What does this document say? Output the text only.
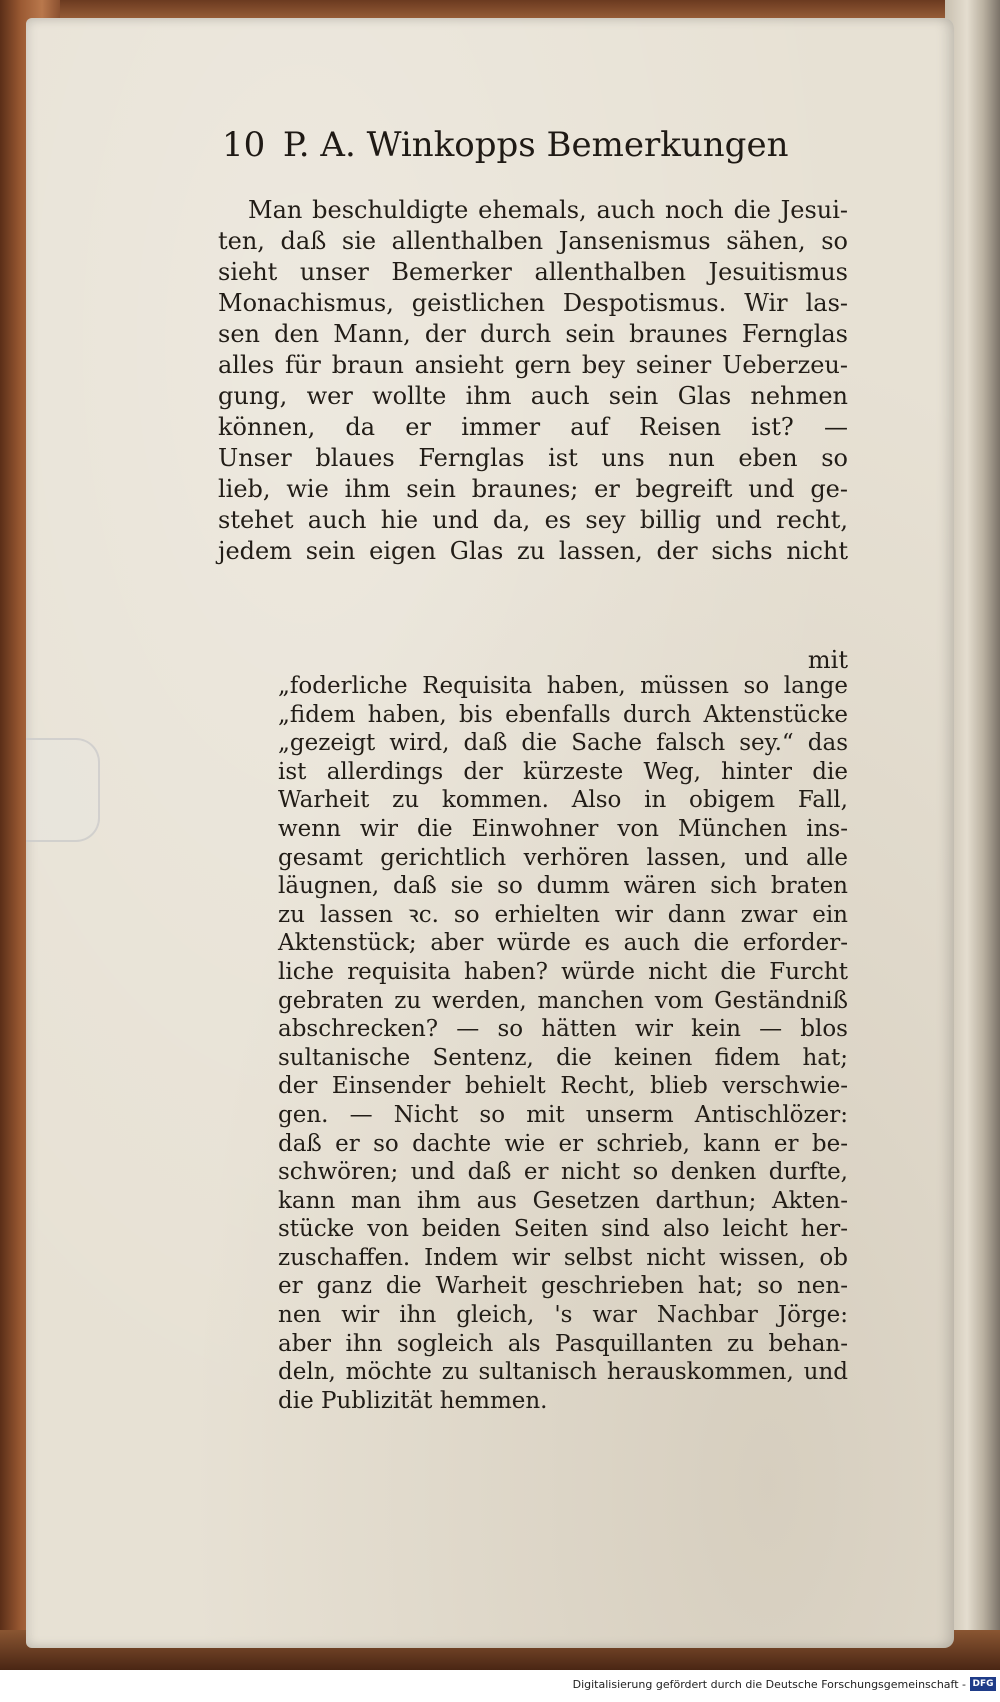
10 P. A. Winkopps Bemerkungen
Man beschuldigte ehemals, auch noch die Jesui-
ten, daß sie allenthalben Jansenismus sähen, so
sieht unser Bemerker allenthalben Jesuitismus
Monachismus, geistlichen Despotismus. Wir las-
sen den Mann, der durch sein braunes Fernglas
alles für braun ansieht gern bey seiner Ueberzeu-
gung, wer wollte ihm auch sein Glas nehmen
können, da er immer auf Reisen ist? —
Unser blaues Fernglas ist uns nun eben so
lieb, wie ihm sein braunes; er begreift und ge-
stehet auch hie und da, es sey billig und recht,
jedem sein eigen Glas zu lassen, der sichs nicht
mit
„foderliche Requisita haben, müssen so lange
„fidem haben, bis ebenfalls durch Aktenstücke
„gezeigt wird, daß die Sache falsch sey.“ das
ist allerdings der kürzeste Weg, hinter die
Warheit zu kommen. Also in obigem Fall,
wenn wir die Einwohner von München ins-
gesamt gerichtlich verhören lassen, und alle
läugnen, daß sie so dumm wären sich braten
zu lassen ꝛc. so erhielten wir dann zwar ein
Aktenstück; aber würde es auch die erforder-
liche requisita haben? würde nicht die Furcht
gebraten zu werden, manchen vom Geständniß
abschrecken? — so hätten wir kein — blos
sultanische Sentenz, die keinen fidem hat;
der Einsender behielt Recht, blieb verschwie-
gen. — Nicht so mit unserm Antischlözer:
daß er so dachte wie er schrieb, kann er be-
schwören; und daß er nicht so denken durfte,
kann man ihm aus Gesetzen darthun; Akten-
stücke von beiden Seiten sind also leicht her-
zuschaffen. Indem wir selbst nicht wissen, ob
er ganz die Warheit geschrieben hat; so nen-
nen wir ihn gleich, 's war Nachbar Jörge:
aber ihn sogleich als Pasquillanten zu behan-
deln, möchte zu sultanisch herauskommen, und
die Publizität hemmen.
Digitalisierung gefördert durch die Deutsche Forschungsgemeinschaft - DFG
